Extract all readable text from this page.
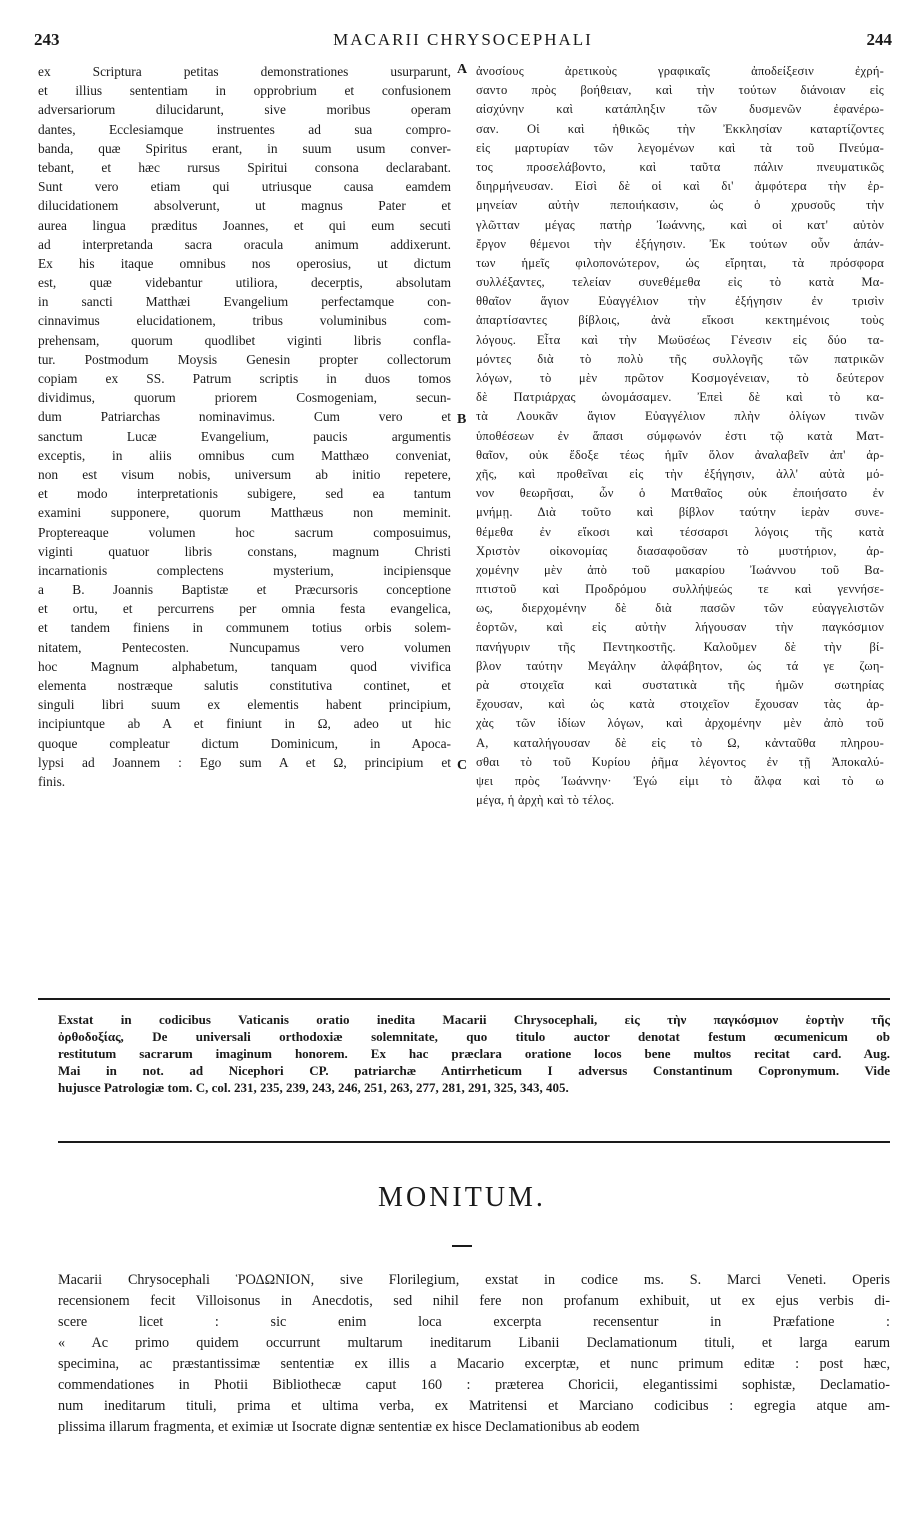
243	MACARII CHRYSOCEPHALI	244
ex Scriptura petitas demonstrationes usurparunt,
et illius sententiam in opprobrium et confusionem
adversariorum dilucidarunt, sive moribus operam
dantes, Ecclesiamque instruentes ad sua compro-
banda, quæ Spiritus erant, in suum usum conver-
tebant, et hæc rursus Spiritui consona declarabant.
Sunt vero etiam qui utriusque causa eamdem
dilucidationem absolverunt, ut magnus Pater et
aurea lingua præditus Joannes, et qui eum secuti
ad interpretanda sacra oracula animum addixerunt.
Ex his itaque omnibus nos operosius, ut dictum
est, quæ videbantur utiliora, decerptis, absolutam
in sancti Matthæi Evangelium perfectamque con-
cinnavimus elucidationem, tribus voluminibus com-
prehensam, quorum quodlibet viginti libris confla-
tur. Postmodum Moysis Genesin propter collectorum
copiam ex SS. Patrum scriptis in duos tomos
dividimus, quorum priorem Cosmogeniam, secun-
dum Patriarchas nominavimus. Cum vero et
sanctum Lucæ Evangelium, paucis argumentis
exceptis, in aliis omnibus cum Matthæo conveniat,
non est visum nobis, universum ab initio repetere,
et modo interpretationis subigere, sed ea tantum
examini supponere, quorum Matthæus non meminit.
Proptereaque volumen hoc sacrum composuimus,
viginti quatuor libris constans, magnum Christi
incarnationis complectens mysterium, incipiensque
a B. Joannis Baptistæ et Præcursoris conceptione
et ortu, et percurrens per omnia festa evangelica,
et tandem finiens in communem totius orbis solem-
nitatem, Pentecosten. Nuncupamus vero volumen
hoc Magnum alphabetum, tanquam quod vivifica
elementa nostræque salutis constitutiva continet, et
singuli libri suum ex elementis habent principium,
incipiuntque ab A et finiunt in Ω, adeo ut hic
quoque compleatur dictum Dominicum, in Apoca-
lypsi ad Joannem : Ego sum A et Ω, principium et
finis.
ἀνοσίους ἀρετικοὺς γραφικαῖς ἀποδείξεσιν ἐχρή-
σαντο πρὸς βοήθειαν, καὶ τὴν τούτων διάνοιαν εἰς
αἰσχύνην καὶ κατάπληξιν τῶν δυσμενῶν ἐφανέρω-
σαν. Οἱ καὶ ἠθικῶς τὴν Ἐκκλησίαν καταρτίζοντες
εἰς μαρτυρίαν τῶν λεγομένων καὶ τὰ τοῦ Πνεύμα-
τος προσελάβοντο, καὶ ταῦτα πάλιν πνευματικῶς
διηρμήνευσαν. Εἰσὶ δὲ οἱ καὶ δι' ἀμφότερα τὴν ἑρ-
μηνείαν αὐτὴν πεποιήκασιν, ὡς ὁ χρυσοῦς τὴν
γλῶτταν μέγας πατὴρ Ἰωάννης, καὶ οἱ κατ' αὐτὸν
ἔργον θέμενοι τὴν ἐξήγησιν. Ἐκ τούτων οὖν ἁπάν-
των ἡμεῖς φιλοπονώτερον, ὡς εἴρηται, τὰ πρόσφορα
συλλέξαντες, τελείαν συνεθέμεθα εἰς τὸ κατὰ Μα-
θθαῖον ἅγιον Εὐαγγέλιον τὴν ἐξήγησιν ἐν τρισὶν
ἀπαρτίσαντες βίβλοις, ἀνὰ εἴκοσι κεκτημένοις τοὺς
λόγους. Εἶτα καὶ τὴν Μωϋσέως Γένεσιν εἰς δύο τα-
μόντες διὰ τὸ πολὺ τῆς συλλογῆς τῶν πατρικῶν
λόγων, τὸ μὲν πρῶτον Κοσμογένειαν, τὸ δεύτερον
δὲ Πατριάρχας ὠνομάσαμεν. Ἐπεὶ δὲ καὶ τὸ κα-
τὰ Λουκᾶν ἅγιον Εὐαγγέλιον πλὴν ὀλίγων τινῶν
ὑποθέσεων ἐν ἅπασι σύμφωνόν ἐστι τῷ κατὰ Ματ-
θαῖον, οὐκ ἔδοξε τέως ἡμῖν ὅλον ἀναλαβεῖν ἀπ' ἀρ-
χῆς, καὶ προθεῖναι εἰς τὴν ἐξήγησιν, ἀλλ' αὐτὰ μό-
νον θεωρῆσαι, ὧν ὁ Ματθαῖος οὐκ ἐποιήσατο ἐν
μνήμῃ. Διὰ τοῦτο καὶ βίβλον ταύτην ἱερὰν συνε-
θέμεθα ἐν εἴκοσι καὶ τέσσαρσι λόγοις τῆς κατὰ
Χριστὸν οἰκονομίας διασαφοῦσαν τὸ μυστήριον, ἀρ-
χομένην μὲν ἀπὸ τοῦ μακαρίου Ἰωάννου τοῦ Βα-
πτιστοῦ καὶ Προδρόμου συλλήψεώς τε καὶ γεννήσε-
ως, διερχομένην δὲ διὰ πασῶν τῶν εὐαγγελιστῶν
ἑορτῶν, καὶ εἰς αὐτὴν λήγουσαν τὴν παγκόσμιον
πανήγυριν τῆς Πεντηκοστῆς. Καλοῦμεν δὲ τὴν βί-
βλον ταύτην Μεγάλην ἀλφάβητον, ὡς τά γε ζωη-
ρὰ στοιχεῖα καὶ συστατικὰ τῆς ἡμῶν σωτηρίας
ἔχουσαν, καὶ ὡς κατὰ στοιχεῖον ἔχουσαν τὰς ἀρ-
χὰς τῶν ἰδίων λόγων, καὶ ἀρχομένην μὲν ἀπὸ τοῦ
Α, καταλήγουσαν δὲ εἰς τὸ Ω, κἀνταῦθα πληρου-
σθαι τὸ τοῦ Κυρίου ῥῆμα λέγοντος ἐν τῇ Ἀποκαλύ-
ψει πρὸς Ἰωάννην· Ἐγώ εἰμι τὸ ἄλφα καὶ τὸ ω
μέγα, ἡ ἀρχὴ καὶ τὸ τέλος.
A
B
C
Exstat in codicibus Vaticanis oratio inedita Macarii Chrysocephali, εἰς τὴν παγκόσμιον ἑορτὴν τῆς
ὀρθοδοξίας, De universali orthodoxiæ solemnitate, quo titulo auctor denotat festum œcumenicum ob
restitutum sacrarum imaginum honorem. Ex hac præclara oratione locos bene multos recitat card. Aug.
Mai in not. ad Nicephori CP. patriarchæ Antirrheticum I adversus Constantinum Copronymum. Vide
hujusce Patrologiæ tom. C, col. 231, 235, 239, 243, 246, 251, 263, 277, 281, 291, 325, 343, 405.
MONITUM.
Macarii Chrysocephali ῬΟΔΩΝΙΟΝ, sive Florilegium, exstat in codice ms. S. Marci Veneti. Operis
recensionem fecit Villoisonus in Anecdotis, sed nihil fere non profanum exhibuit, ut ex ejus verbis di-
scere licet : sic enim loca excerpta recensentur in Præfatione :
« Ac primo quidem occurrunt multarum ineditarum Libanii Declamationum tituli, et larga earum
specimina, ac præstantissimæ sententiæ ex illis a Macario excerptæ, et nunc primum editæ : post hæc,
commendationes in Photii Bibliothecæ caput 160 : præterea Choricii, elegantissimi sophistæ, Declamatio-
num ineditarum tituli, prima et ultima verba, ex Matritensi et Marciano codicibus : egregia atque am-
plissima illarum fragmenta, et eximiæ ut Isocrate dignæ sententiæ ex hisce Declamationibus ab eodem
